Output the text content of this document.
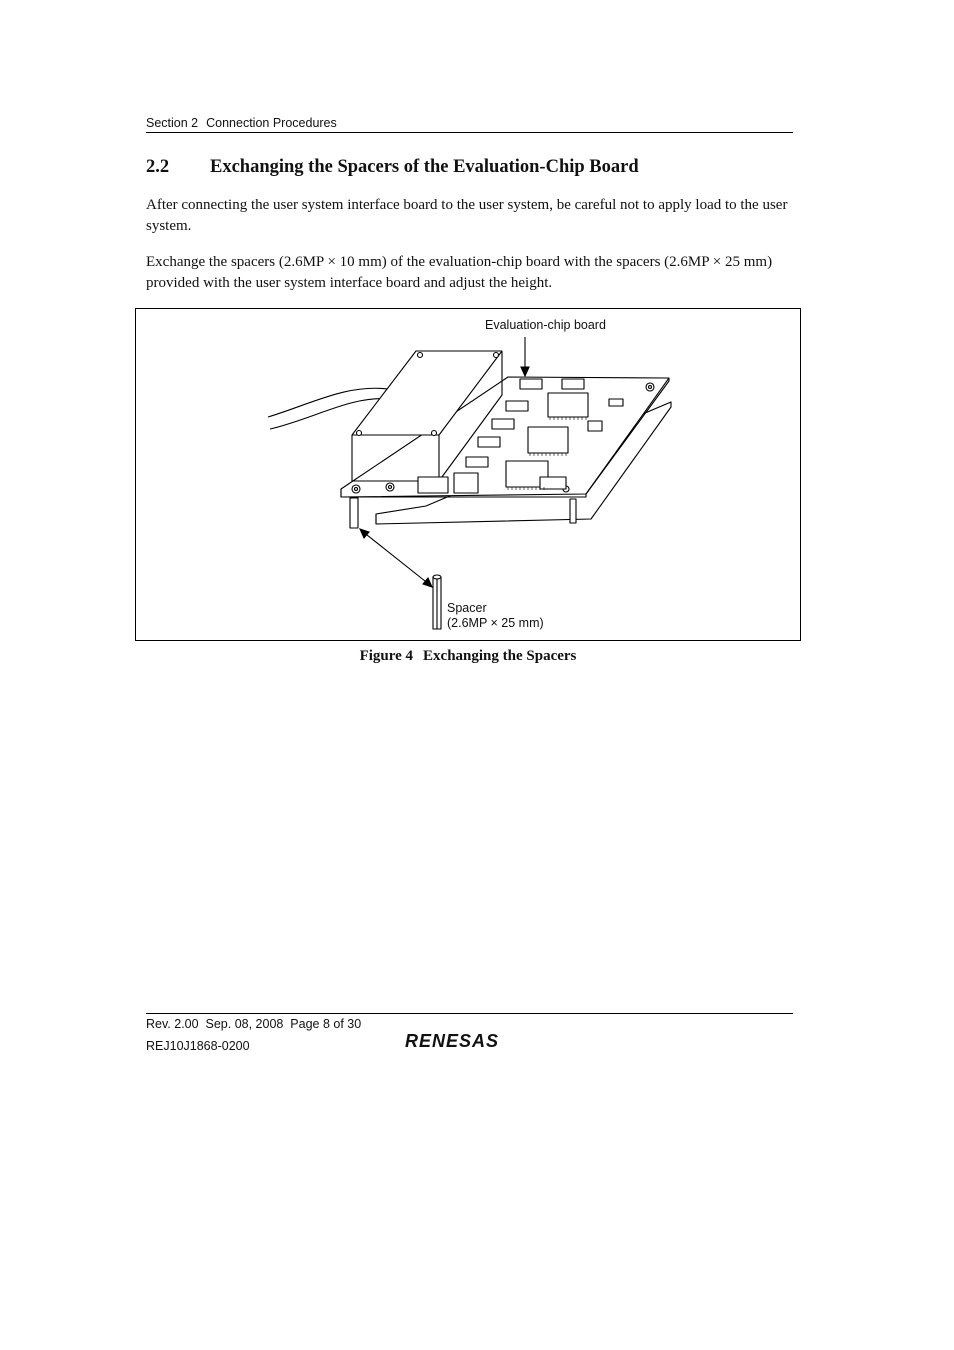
Section 2 Connection Procedures
2.2 Exchanging the Spacers of the Evaluation-Chip Board

After connecting the user system interface board to the user system, be careful not to apply load to the user system.

Exchange the spacers (2.6MP × 10 mm) of the evaluation-chip board with the spacers (2.6MP × 25 mm) provided with the user system interface board and adjust the height.

Evaluation-chip board
Spacer
(2.6MP × 25 mm)
Figure 4 Exchanging the Spacers
Rev. 2.00  Sep. 08, 2008  Page 8 of 30
REJ10J1868-0200	RENESAS
